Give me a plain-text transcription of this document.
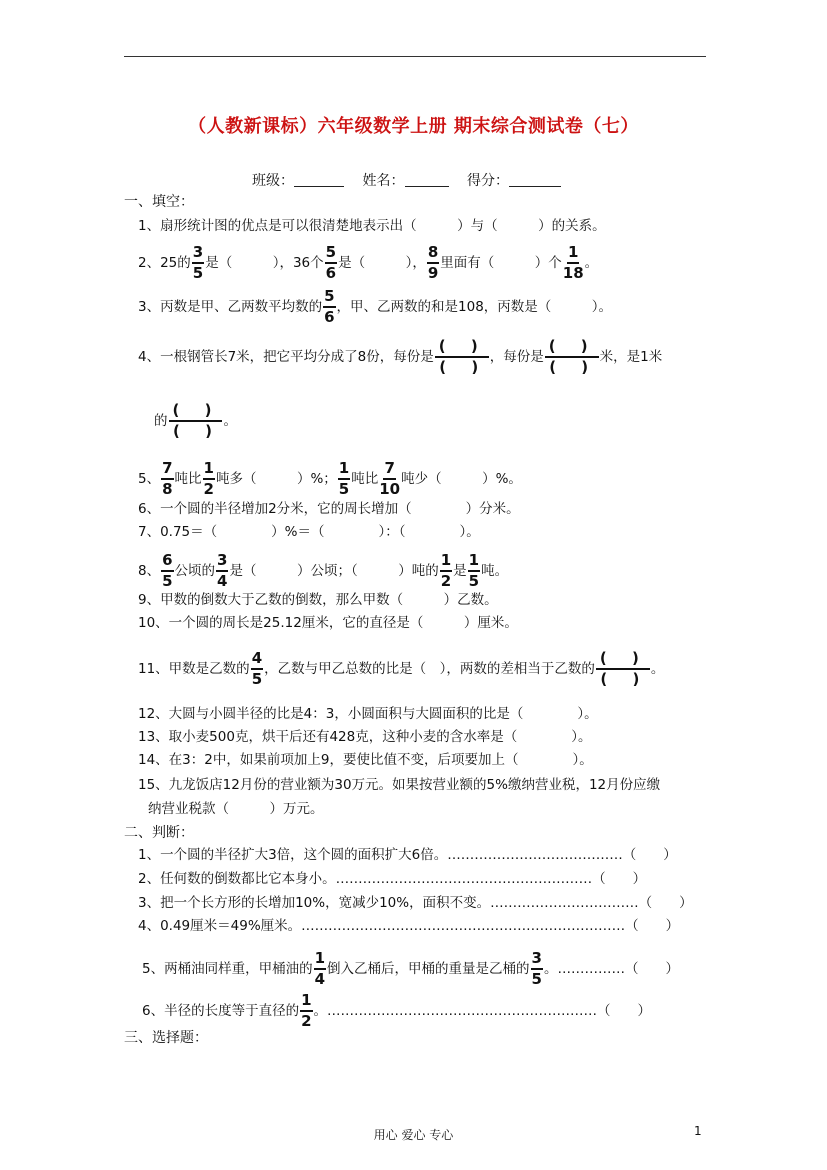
（人教新课标）六年级数学上册 期末综合测试卷（七）
班级：	姓名：	得分：
一、填空：
1、扇形统计图的优点是可以很清楚地表示出（　　　）与（　　　）的关系。
2、25的 $\frac{3}{5}$ 是（　　　），36个 $\frac{5}{6}$ 是（　　　）， $\frac{8}{9}$ 里面有（　　　）个 $\frac{1}{18}$ 。
3、丙数是甲、乙两数平均数的 $\frac{5}{6}$ ，甲、乙两数的和是108，丙数是（　　　）。
4、一根钢管长7米，把它平均分成了8份，每份是 $\frac{( )}{( )}$ ，每份是 $\frac{( )}{( )}$ 米，是1米
的 $\frac{( )}{( )}$ 。
5、 $\frac{7}{8}$ 吨比 $\frac{1}{2}$ 吨多（　　　）%； $\frac{1}{5}$ 吨比 $\frac{7}{10}$ 吨少（　　　）%。
6、一个圆的半径增加2分米，它的周长增加（　　　　）分米。
7、0.75＝（　　　　）%＝（　　　　）：（　　　　）。
8、 $\frac{6}{5}$ 公顷的 $\frac{3}{4}$ 是（　　　）公顷；（　　　）吨的 $\frac{1}{2}$ 是 $\frac{1}{5}$ 吨。
9、甲数的倒数大于乙数的倒数，那么甲数（　　　）乙数。
10、一个圆的周长是25.12厘米，它的直径是（　　　）厘米。
11、甲数是乙数的 $\frac{4}{5}$ ，乙数与甲乙总数的比是（　），两数的差相当于乙数的 $\frac{( )}{( )}$ 。
12、大圆与小圆半径的比是4：3，小圆面积与大圆面积的比是（　　　　）。
13、取小麦500克，烘干后还有428克，这种小麦的含水率是（　　　　）。
14、在3：2中，如果前项加上9，要使比值不变，后项要加上（　　　　）。
15、九龙饭店12月份的营业额为30万元。如果按营业额的5%缴纳营业税，12月份应缴
纳营业税款（　　　）万元。
二、判断：
1、一个圆的半径扩大3倍，这个圆的面积扩大6倍。…………………………………（　　）
2、任何数的倒数都比它本身小。…………………………………………………（　　）
3、把一个长方形的长增加10%，宽减少10%，面积不变。……………………………（　　）
4、0.49厘米＝49%厘米。………………………………………………………………（　　）
5、两桶油同样重，甲桶油的 $\frac{1}{4}$ 倒入乙桶后，甲桶的重量是乙桶的 $\frac{3}{5}$ 。……………（　　）
6、半径的长度等于直径的 $\frac{1}{2}$ 。……………………………………………………（　　）
三、选择题：
用心 爱心 专心	1
